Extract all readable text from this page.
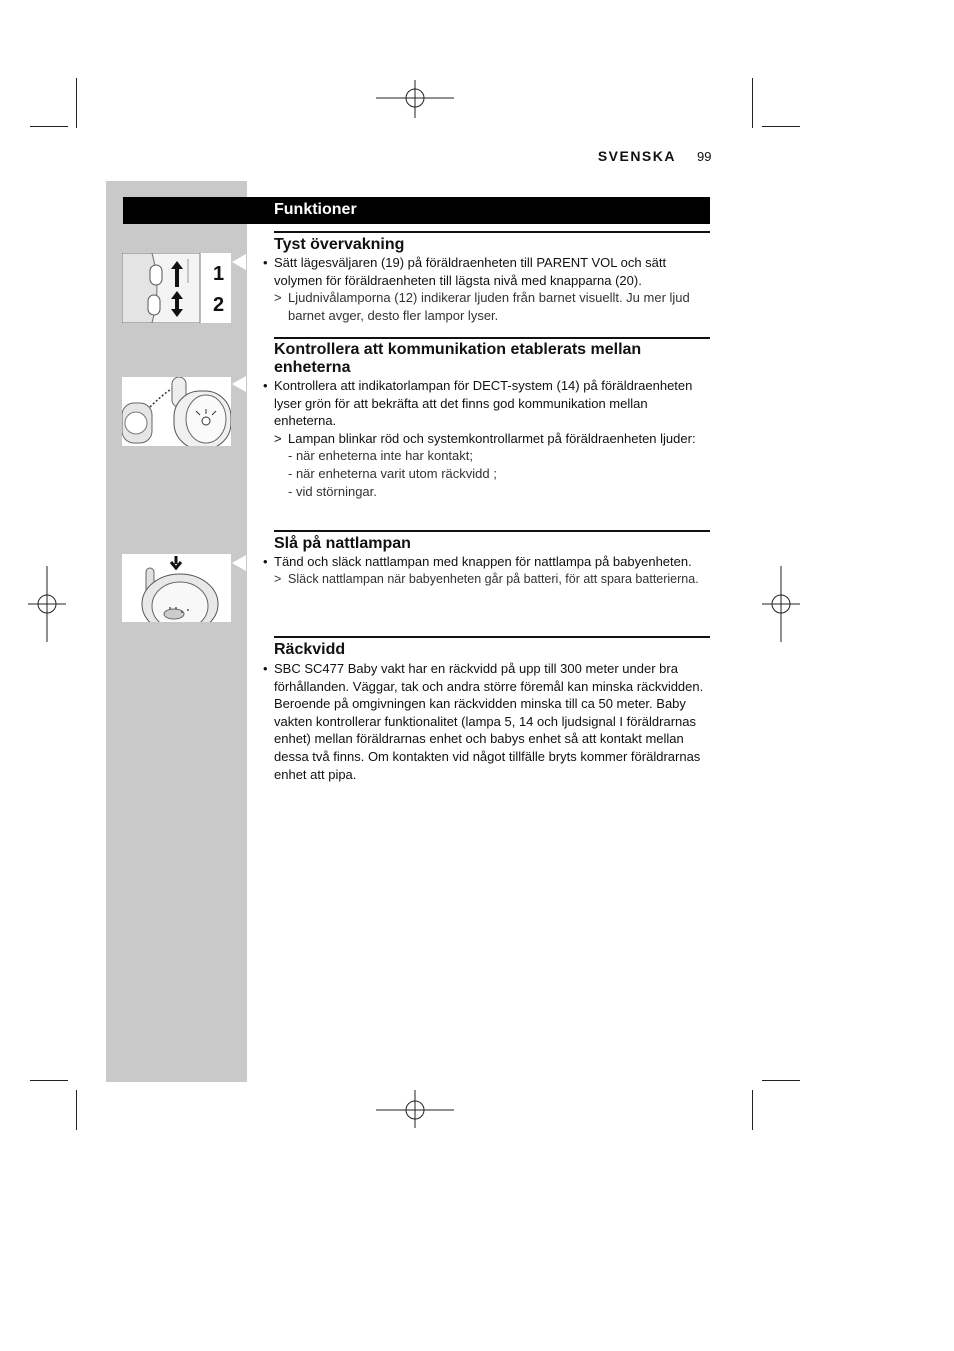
SVENSKA 99
Funktioner
1
2
Tyst övervakning
• Sätt lägesväljaren (19) på föräldraenheten till PARENT VOL och sätt volymen för föräldraenheten till lägsta nivå med knapparna (20).
> Ljudnivålamporna (12) indikerar ljuden från barnet visuellt. Ju mer ljud barnet avger, desto fler lampor lyser.
Kontrollera att kommunikation etablerats mellan enheterna
• Kontrollera att indikatorlampan för DECT-system (14) på föräldraenheten lyser grön för att bekräfta att det finns god kommunikation mellan enheterna.
> Lampan blinkar röd och systemkontrollarmet på föräldraenheten ljuder:
- när enheterna inte har kontakt;
- när enheterna varit utom räckvidd ;
- vid störningar.
Slå på nattlampan
• Tänd och släck nattlampan med knappen för nattlampa på babyenheten.
> Släck nattlampan när babyenheten går på batteri, för att spara batterierna.
Räckvidd
• SBC SC477 Baby vakt har en räckvidd på upp till 300 meter under bra förhållanden. Väggar, tak och andra större föremål kan minska räckvidden. Beroende på omgivningen kan räckvidden minska till ca 50 meter. Baby vakten kontrollerar funktionalitet (lampa 5, 14 och ljudsignal I föräldrarnas enhet) mellan föräldrarnas enhet och babys enhet så att kontakt mellan dessa två finns. Om kontakten vid något tillfälle bryts kommer föräldrarnas enhet att pipa.
